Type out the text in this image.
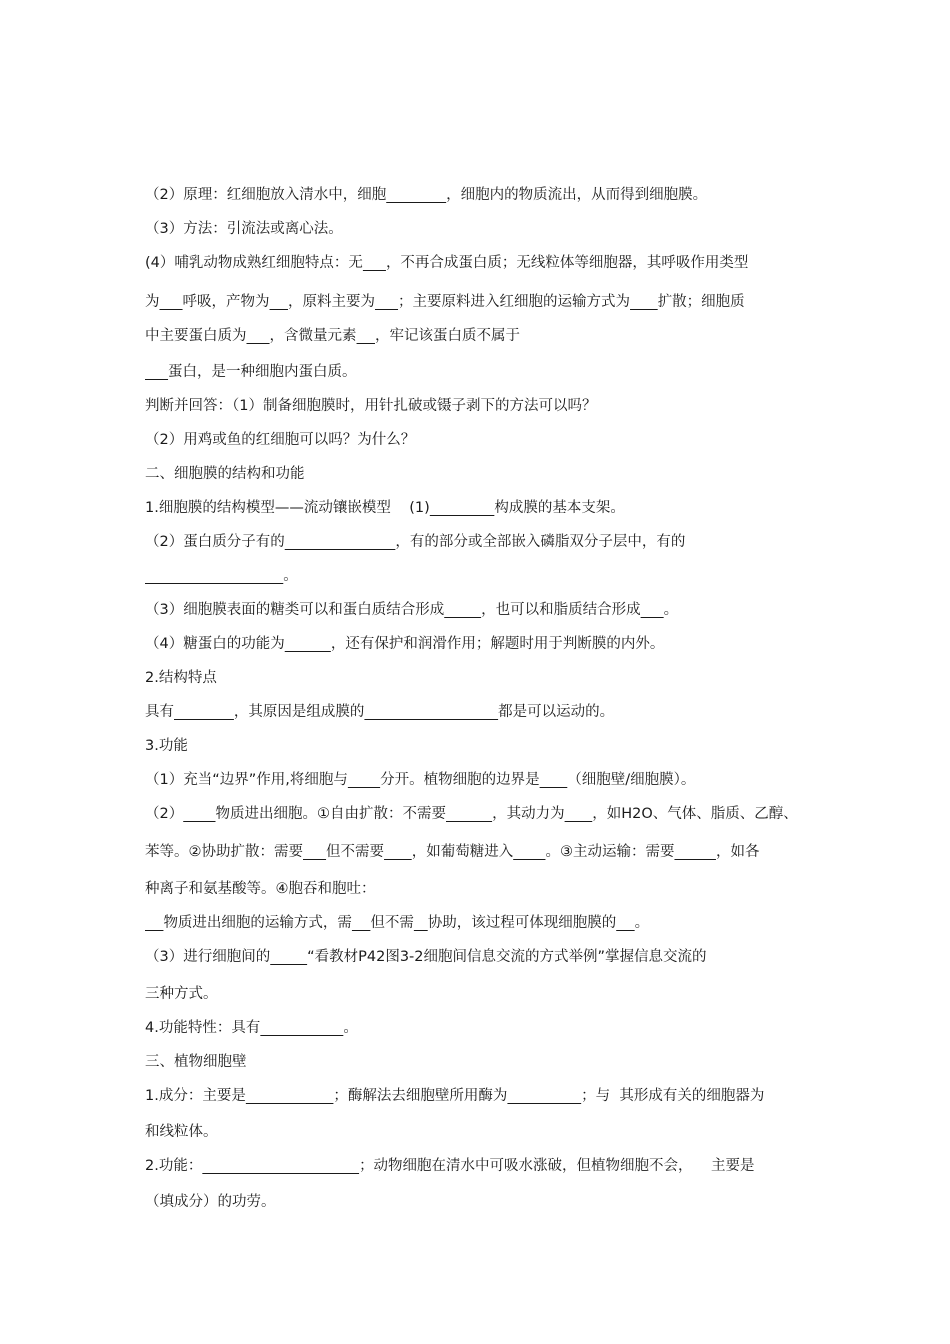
（2）原理：红细胞放入清水中，细胞	，细胞内的物质流出，从而得到细胞膜。
（3）方法：引流法或离心法。
(4）哺乳动物成熟红细胞特点：无 ，不再合成蛋白质；无线粒体等细胞器，其呼吸作用类型
为 呼吸，产物为 ，原料主要为 ；主要原料进入红细胞的运输方式为 扩散；细胞质
中主要蛋白质为 ，含微量元素 ，牢记该蛋白质不属于
蛋白，是一种细胞内蛋白质。
判断并回答：（1）制备细胞膜时，用针扎破或镊子剥下的方法可以吗？
（2）用鸡或鱼的红细胞可以吗？为什么？
二、细胞膜的结构和功能
1.细胞膜的结构模型——流动镶嵌模型    (1)	构成膜的基本支架。
（2）蛋白质分子有的	，有的部分或全部嵌入磷脂双分子层中，有的
。
（3）细胞膜表面的糖类可以和蛋白质结合形成	，也可以和脂质结合形成 。
（4）糖蛋白的功能为	，还有保护和润滑作用；解题时用于判断膜的内外。
2.结构特点
具有	，其原因是组成膜的	都是可以运动的。
3.功能
（1）充当“边界”作用,将细胞与 分开。植物细胞的边界是 （细胞壁/细胞膜）。
（2） 物质进出细胞。①自由扩散：不需要	，其动力为 ，如H2O、气体、脂质、乙醇、
苯等。②协助扩散：需要 但不需要 ，如葡萄糖进入 。③主动运输：需要	，如各
种离子和氨基酸等。④胞吞和胞吐：
物质进出细胞的运输方式，需 但不需 协助，该过程可体现细胞膜的 。
（3）进行细胞间的	“看教材P42图3-2细胞间信息交流的方式举例”掌握信息交流的
三种方式。
4.功能特性：具有	。
三、植物细胞壁
1.成分：主要是	；酶解法去细胞壁所用酶为	；与  其形成有关的细胞器为
和线粒体。
2.功能：	；动物细胞在清水中可吸水涨破，但植物细胞不会，    主要是
（填成分）的功劳。
